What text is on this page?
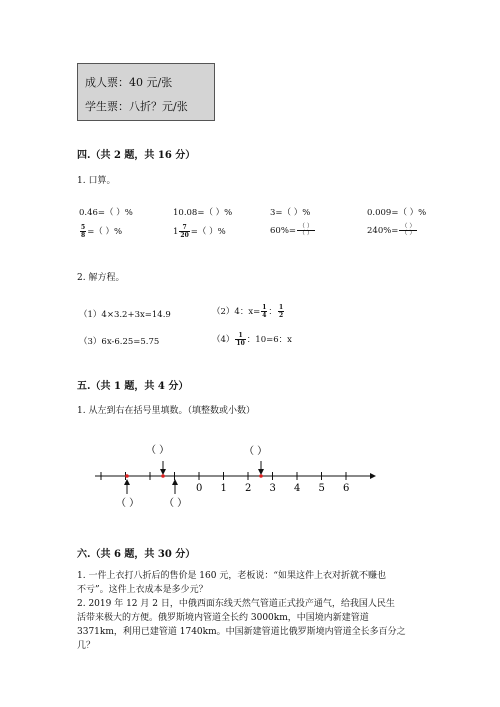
成人票：40 元/张
学生票：八折？元/张
四.（共 2 题，共 16 分）
1. 口算。
0.46=（ ）%	10.08=（ ）%	3=（ ）%	0.009=（ ）%
$\frac{5}{8}$ =（ ）%	$1 \frac{7}{20}$ =（ ）%	$60\%= \frac{( )}{( )}$	$240\%= \frac{( )}{( )}$
2. 解方程。
（1）4×3.2+3x=14.9	（2）4：$x= \frac{1}{4}$ ： $\frac{1}{2}$
（3）6x-6.25=5.75	$(4) \frac{1}{10}$ ：10=6：x
五.（共 1 题，共 4 分）
1. 从左到右在括号里填数。（填整数或小数）
（ ）	（ ）
0 1 2 3 4 5 6
（ ） （ ）
六.（共 6 题，共 30 分）
1. 一件上衣打八折后的售价是 160 元，老板说：“如果这件上衣对折就不赚也
不亏”。这件上衣成本是多少元？
2. 2019 年 12 月 2 日，中俄西面东线天然气管道正式投产通气，给我国人民生
活带来极大的方便。俄罗斯境内管道全长约 3000km，中国境内新建管道
3371km，利用已建管道 1740km。中国新建管道比俄罗斯境内管道全长多百分之
几？
